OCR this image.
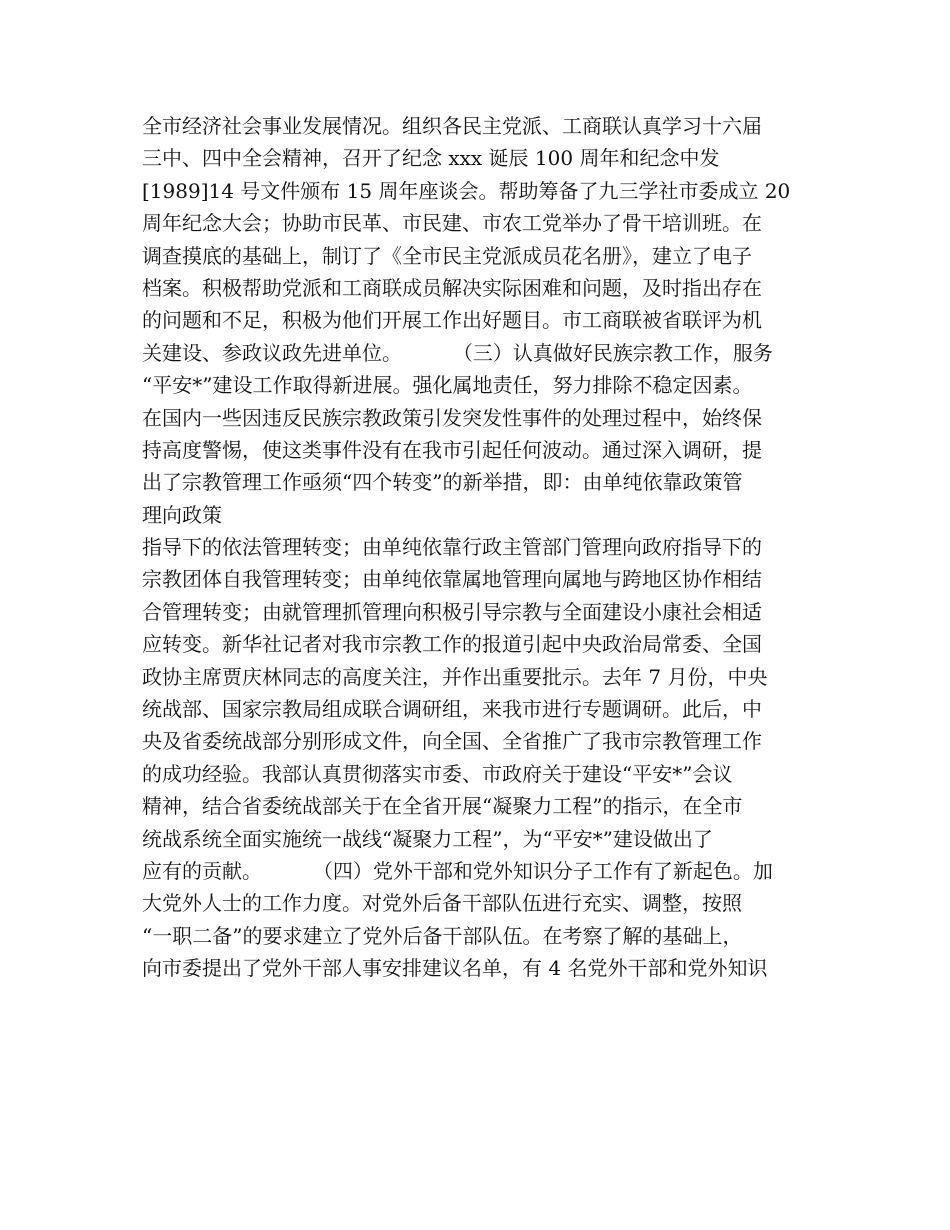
全市经济社会事业发展情况。组织各民主党派、工商联认真学习十六届
三中、四中全会精神，召开了纪念 xxx 诞辰 100 周年和纪念中发
[1989]14 号文件颁布 15 周年座谈会。帮助筹备了九三学社市委成立 20
周年纪念大会；协助市民革、市民建、市农工党举办了骨干培训班。在
调查摸底的基础上，制订了《全市民主党派成员花名册》，建立了电子
档案。积极帮助党派和工商联成员解决实际困难和问题，及时指出存在
的问题和不足，积极为他们开展工作出好题目。市工商联被省联评为机
关建设、参政议政先进单位。        （三）认真做好民族宗教工作，服务
“平安*”建设工作取得新进展。强化属地责任，努力排除不稳定因素。
在国内一些因违反民族宗教政策引发突发性事件的处理过程中，始终保
持高度警惕，使这类事件没有在我市引起任何波动。通过深入调研，提
出了宗教管理工作亟须“四个转变”的新举措，即：由单纯依靠政策管
理向政策
指导下的依法管理转变；由单纯依靠行政主管部门管理向政府指导下的
宗教团体自我管理转变；由单纯依靠属地管理向属地与跨地区协作相结
合管理转变；由就管理抓管理向积极引导宗教与全面建设小康社会相适
应转变。新华社记者对我市宗教工作的报道引起中央政治局常委、全国
政协主席贾庆林同志的高度关注，并作出重要批示。去年 7 月份，中央
统战部、国家宗教局组成联合调研组，来我市进行专题调研。此后，中
央及省委统战部分别形成文件，向全国、全省推广了我市宗教管理工作
的成功经验。我部认真贯彻落实市委、市政府关于建设“平安*”会议
精神，结合省委统战部关于在全省开展“凝聚力工程”的指示，在全市
统战系统全面实施统一战线“凝聚力工程”，为“平安*”建设做出了
应有的贡献。        （四）党外干部和党外知识分子工作有了新起色。加
大党外人士的工作力度。对党外后备干部队伍进行充实、调整，按照
“一职二备”的要求建立了党外后备干部队伍。在考察了解的基础上，
向市委提出了党外干部人事安排建议名单，有 4 名党外干部和党外知识
